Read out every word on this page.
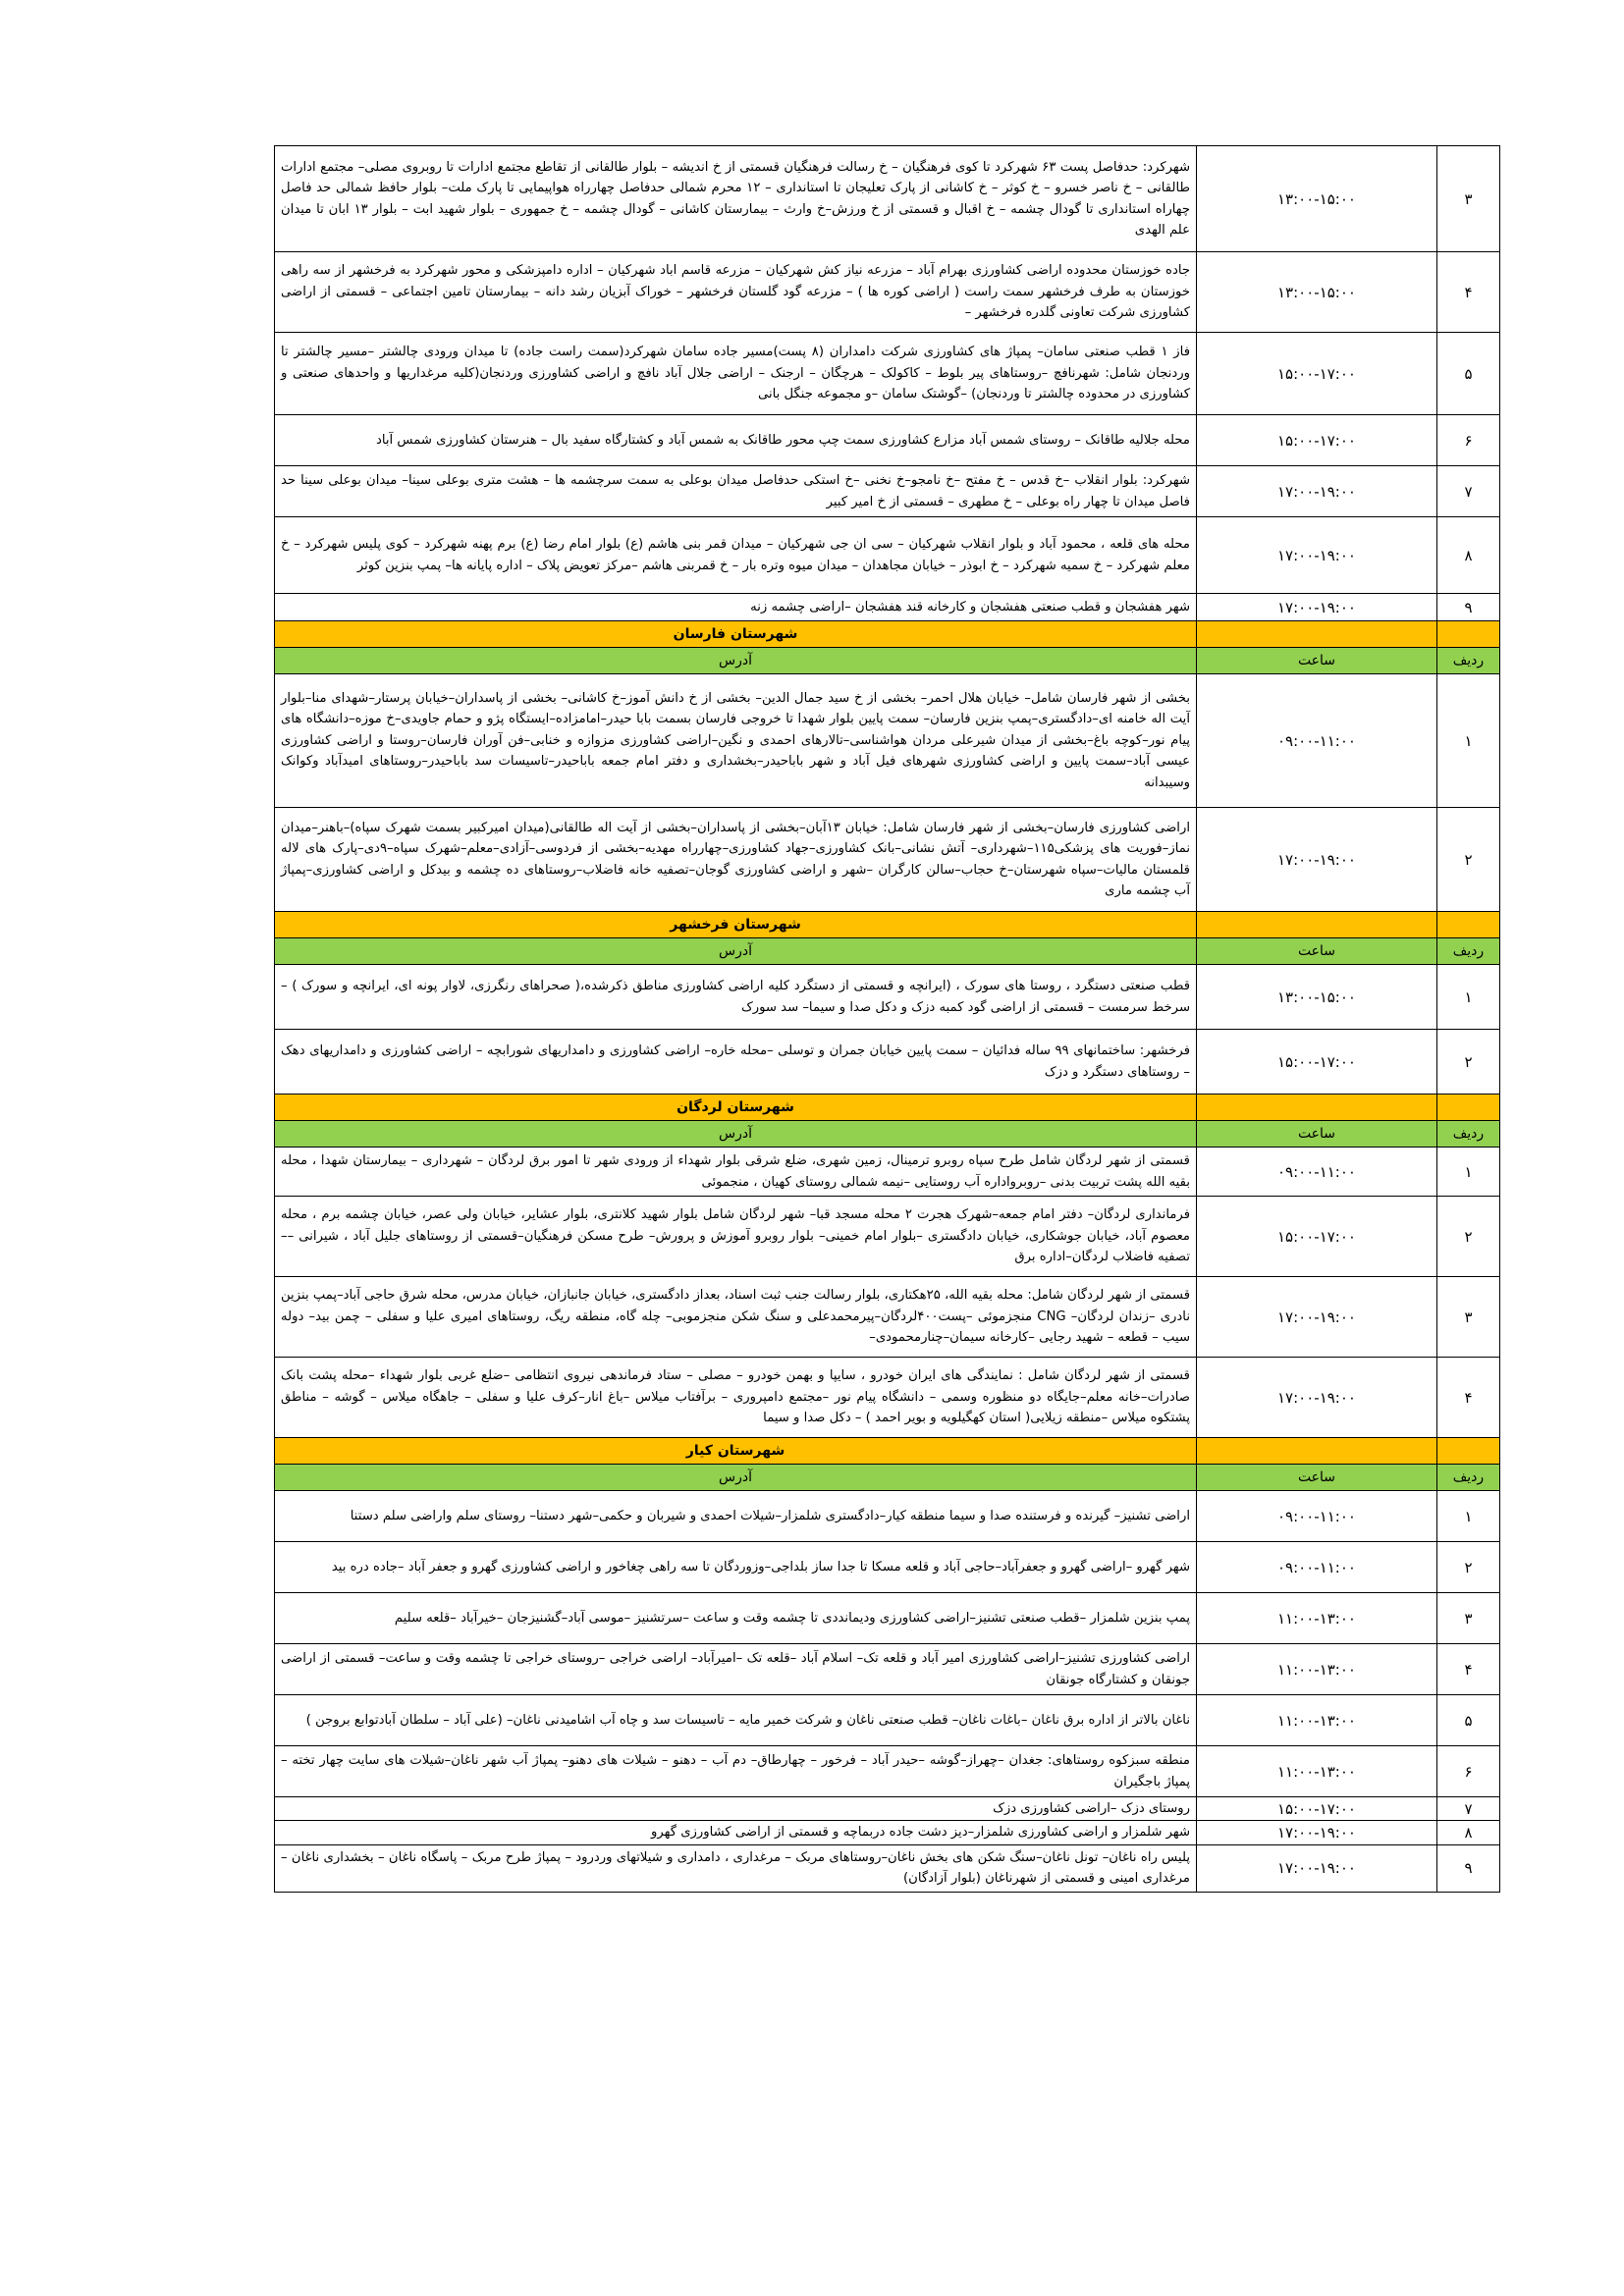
۳	۱۳:۰۰-۱۵:۰۰	شهرکرد: حدفاصل پست ۶۳ شهرکرد تا کوی فرهنگیان – خ رسالت فرهنگیان قسمتی از خ اندیشه – بلوار طالقانی از تقاطع مجتمع ادارات تا روبروی مصلی– مجتمع ادارات طالقانی – خ ناصر خسرو – خ کوثر – خ کاشانی از پارک تعلیجان تا استانداری – ۱۲ محرم شمالی حدفاصل چهارراه هواپیمایی تا پارک ملت– بلوار حافظ شمالی حد فاصل چهاراه استانداری تا گودال چشمه – خ اقبال و قسمتی از خ ورزش–خ وارث – بیمارستان کاشانی – گودال چشمه – خ جمهوری – بلوار شهید ابت – بلوار ۱۳ ابان تا میدان علم الهدی
۴	۱۳:۰۰-۱۵:۰۰	جاده خوزستان محدوده اراضی کشاورزی بهرام آباد – مزرعه نیاز کش شهرکیان – مزرعه قاسم اباد شهرکیان – اداره دامپزشکی و محور شهرکرد به فرخشهر از سه راهی خوزستان به طرف فرخشهر سمت راست ( اراضی کوره ها ) – مزرعه گود گلستان فرخشهر – خوراک آبزیان رشد دانه – بیمارستان تامین اجتماعی – قسمتی از اراضی کشاورزی شرکت تعاونی گلدره فرخشهر –
۵	۱۵:۰۰-۱۷:۰۰	فاز ۱ قطب صنعتی سامان– پمپاژ های کشاورزی شرکت دامداران (۸ پست)مسیر جاده سامان شهرکرد(سمت راست جاده) تا میدان ورودی چالشتر –مسیر چالشتر تا وردنجان شامل: شهرنافچ –روستاهای پیر بلوط – کاکولک – هرچگان – ارجنک – اراضی جلال آباد نافچ و اراضی کشاورزی وردنجان(کلیه مرغداریها و واحدهای صنعتی و کشاورزی در محدوده چالشتر تا وردنجان) –گوشتک سامان –و مجموعه جنگل بانی
۶	۱۵:۰۰-۱۷:۰۰	محله جلالیه طاقانک – روستای شمس آباد مزارع کشاورزی سمت چپ محور طاقانک به شمس آباد و کشتارگاه سفید بال – هنرستان کشاورزی شمس آباد
۷	۱۷:۰۰-۱۹:۰۰	شهرکرد: بلوار انقلاب –خ قدس – خ مفتح –خ نامجو–خ نخنی –خ استکی حدفاصل میدان بوعلی به سمت سرچشمه ها – هشت متری بوعلی سینا– میدان بوعلی سینا حد فاصل میدان تا چهار راه بوعلی – خ مطهری – قسمتی از خ امیر کبیر
۸	۱۷:۰۰-۱۹:۰۰	محله های قلعه ، محمود آباد و بلوار انقلاب شهرکیان – سی ان جی شهرکیان – میدان قمر بنی هاشم (ع) بلوار امام رضا (ع) برم پهنه شهرکرد – کوی پلیس شهرکرد – خ معلم شهرکرد – خ سمیه شهرکرد – خ ابوذر – خیابان مجاهدان – میدان میوه وتره بار – خ قمربنی هاشم –مرکز تعویض پلاک – اداره پایانه ها– پمپ بنزین کوثر
۹	۱۷:۰۰-۱۹:۰۰	شهر هفشجان و قطب صنعتی هفشجان و کارخانه قند هفشجان –اراضی چشمه زنه
		شهرستان فارسان
ردیف	ساعت	آدرس
۱	۰۹:۰۰-۱۱:۰۰	بخشی از شهر فارسان شامل– خیابان هلال احمر– بخشی از خ سید جمال الدین– بخشی از خ دانش آموز–خ کاشانی– بخشی از پاسداران–خیابان پرستار–شهدای منا–بلوار آیت اله خامنه ای–دادگستری–پمپ بنزین فارسان– سمت پایین بلوار شهدا تا خروجی فارسان بسمت بابا حیدر–امامزاده–ایستگاه پژو و حمام جاویدی–خ موزه–دانشگاه های پیام نور–کوچه باغ–بخشی از میدان شیرعلی مردان هواشناسی–تالارهای احمدی و نگین–اراضی کشاورزی مزوازه و خنابی–فن آوران فارسان–روستا و اراضی کشاورزی عیسی آباد–سمت پایین و اراضی کشاورزی شهرهای فیل آباد و شهر باباحیدر–بخشداری و دفتر امام جمعه باباحیدر–تاسیسات سد باباحیدر–روستاهای امیدآباد وکوانک وسیبدانه
۲	۱۷:۰۰-۱۹:۰۰	اراضی کشاورزی فارسان–بخشی از شهر فارسان شامل: خیابان ۱۳آبان–بخشی از پاسداران–بخشی از آیت اله طالقانی(میدان امیرکبیر بسمت شهرک سپاه)–باهنر–میدان نماز–فوریت های پزشکی۱۱۵–شهرداری– آتش نشانی–بانک کشاورزی–جهاد کشاورزی–چهارراه مهدیه–بخشی از فردوسی–آزادی–معلم–شهرک سپاه–۹دی–پارک های لاله قلمستان مالیات–سپاه شهرستان–خ حجاب–سالن کارگران –شهر و اراضی کشاورزی گوجان–تصفیه خانه فاضلاب–روستاهای ده چشمه و بیدکل و اراضی کشاورزی–پمپاژ آب چشمه ماری
		شهرستان فرخشهر
ردیف	ساعت	آدرس
۱	۱۳:۰۰-۱۵:۰۰	قطب صنعتی دستگرد ، روستا های سورک ، (ایرانچه و قسمتی از دستگرد کلیه اراضی کشاورزی مناطق ذکرشده،( صحراهای رنگرزی، لاوار پونه ای، ایرانچه و سورک ) – سرخط سرمست – قسمتی از اراضی گود کمبه دزک و دکل صدا و سیما– سد سورک
۲	۱۵:۰۰-۱۷:۰۰	فرخشهر: ساختمانهای ۹۹ ساله فدائیان – سمت پایین خیابان جمران و توسلی –محله خاره– اراضی کشاورزی و دامداریهای شورابچه – اراضی کشاورزی و دامداریهای دهک – روستاهای دستگرد و دزک
		شهرستان لردگان
ردیف	ساعت	آدرس
۱	۰۹:۰۰-۱۱:۰۰	قسمتی از شهر لردگان شامل طرح سپاه روبرو ترمینال، زمین شهری، ضلع شرقی بلوار شهداء از ورودی شهر تا امور برق لردگان – شهرداری – بیمارستان شهدا ، محله بقیه الله پشت تربیت بدنی –روبرواداره آب روستایی –نیمه شمالی روستای کهیان ، منجموئی
۲	۱۵:۰۰-۱۷:۰۰	فرمانداری لردگان– دفتر امام جمعه–شهرک هجرت ۲ محله مسجد قبا– شهر لردگان شامل بلوار شهید کلانتری، بلوار عشایر، خیابان ولی عصر، خیابان چشمه برم ، محله معصوم آباد، خیابان جوشکاری، خیابان دادگستری –بلوار امام خمینی– بلوار روبرو آموزش و پرورش– طرح مسکن فرهنگیان–قسمتی از روستاهای جلیل آباد ، شیرانی –– تصفیه فاضلاب لردگان–اداره برق
۳	۱۷:۰۰-۱۹:۰۰	قسمتی از شهر لردگان شامل: محله بقیه الله، ۲۵هکتاری، بلوار رسالت جنب ثبت اسناد، بعداز دادگستری، خیابان جانبازان، خیابان مدرس، محله شرق حاجی آباد–پمپ بنزین نادری –زندان لردگان– CNG منجزموئی –پست۴۰۰لردگان–پیرمحمدعلی و سنگ شکن منجزموبی– چله گاه، منطقه ریگ، روستاهای امیری علیا و سفلی – چمن بید– دوله سیب – قطعه – شهید رجایی –کارخانه سیمان–چنارمحمودی–
۴	۱۷:۰۰-۱۹:۰۰	قسمتی از شهر لردگان شامل : نمایندگی های ایران خودرو ، سایپا و بهمن خودرو – مصلی – ستاد فرماندهی نیروی انتظامی –ضلع غربی بلوار شهداء –محله پشت بانک صادرات–خانه معلم–جایگاه دو منظوره وسمی – دانشگاه پیام نور –مجتمع دامپروری – برآفتاب میلاس –باغ انار–کرف علیا و سفلی – جاهگاه میلاس – گوشه – مناطق پشتکوه میلاس –منطقه زیلایی( استان کهگیلویه و بویر احمد ) – دکل صدا و سیما
		شهرستان کیار
ردیف	ساعت	آدرس
۱	۰۹:۰۰-۱۱:۰۰	اراضی تشنیز– گیرنده و فرستنده صدا و سیما منطقه کیار–دادگستری شلمزار–شیلات احمدی و شیربان و حکمی–شهر دستنا– روستای سلم واراضی سلم دستنا
۲	۰۹:۰۰-۱۱:۰۰	شهر گهرو –اراضی گهرو و جعفرآباد–حاجی آباد و قلعه مسکا تا جدا ساز بلداجی–وزوردگان تا سه راهی چغاخور و اراضی کشاورزی گهرو و جعفر آباد –جاده دره بید
۳	۱۱:۰۰-۱۳:۰۰	پمپ بنزین شلمزار –قطب صنعتی تشنیز–اراضی کشاورزی ودیمانددی تا چشمه وقت و ساعت –سرتشنیز –موسی آباد–گشنیزجان –خیرآباد –قلعه سلیم
۴	۱۱:۰۰-۱۳:۰۰	اراضی کشاورزی تشنیز–اراضی کشاورزی امیر آباد و قلعه تک– اسلام آباد –قلعه تک –امیرآباد– اراضی خراجی –روستای خراجی تا چشمه وقت و ساعت– قسمتی از اراضی جونقان و کشتارگاه جونقان
۵	۱۱:۰۰-۱۳:۰۰	ناغان بالاتر از اداره برق ناغان –باغات ناغان– قطب صنعتی ناغان و شرکت خمیر مایه – تاسیسات سد و چاه آب اشامیدنی ناغان– (علی آباد – سلطان آبادتوابع بروجن )
۶	۱۱:۰۰-۱۳:۰۰	منطقه سبزکوه روستاهای: جغدان –چهراز–گوشه –حیدر آباد – فرخور – چهارطاق– دم آب – دهنو – شیلات های دهنو– پمپاژ آب شهر ناغان–شیلات های سایت چهار تخته – پمپاژ باجگیران
۷	۱۵:۰۰-۱۷:۰۰	روستای دزک –اراضی کشاورزی دزک
۸	۱۷:۰۰-۱۹:۰۰	شهر شلمزار و اراضی کشاورزی شلمزار–دیز دشت جاده دربماچه و قسمتی از اراضی کشاورزی گهرو
۹	۱۷:۰۰-۱۹:۰۰	پلیس راه ناغان– تونل ناغان–سنگ شکن های بخش ناغان–روستاهای مربک – مرغداری ، دامداری و شیلاتهای وردرود – پمپاژ طرح مربک – پاسگاه ناغان – بخشداری ناغان – مرغداری امینی و قسمتی از شهرناغان (بلوار آزادگان)
